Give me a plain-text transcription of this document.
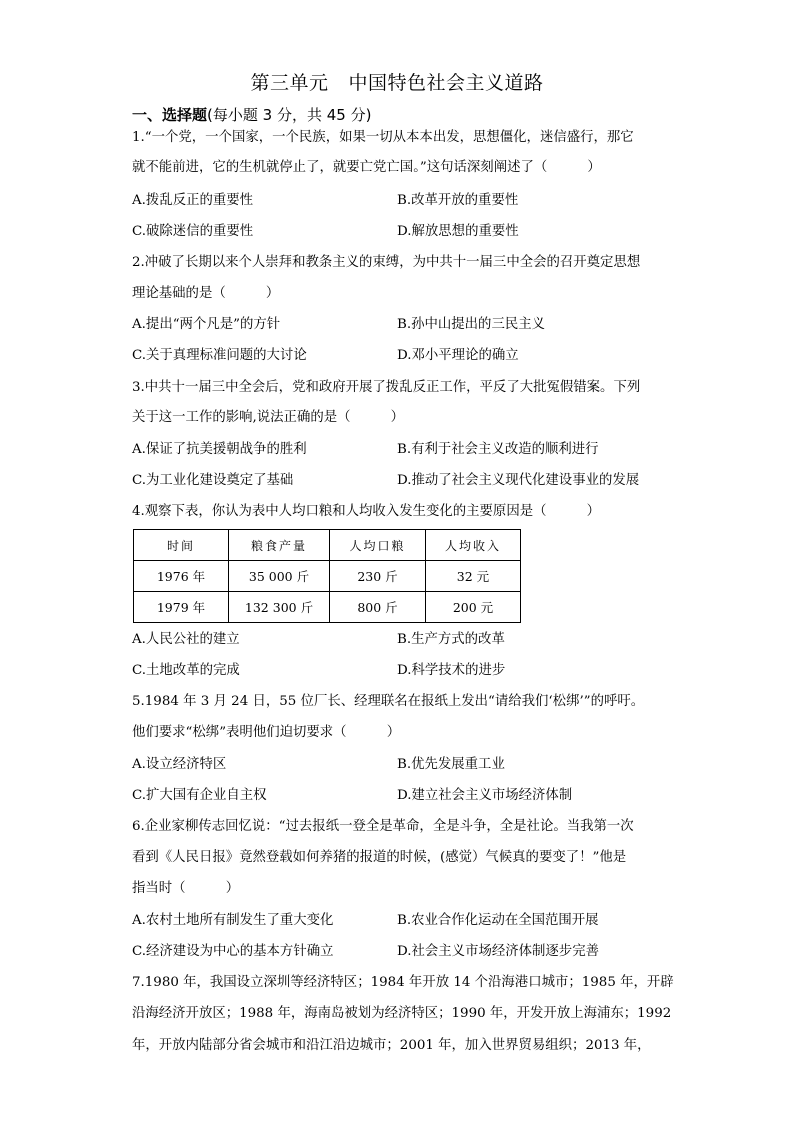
第三单元 中国特色社会主义道路
一、选择题(每小题 3 分，共 45 分)
1.“一个党，一个国家，一个民族，如果一切从本本出发，思想僵化，迷信盛行，那它
就不能前进，它的生机就停止了，就要亡党亡国。”这句话深刻阐述了（　　　）
A.拨乱反正的重要性	B.改革开放的重要性
C.破除迷信的重要性	D.解放思想的重要性
2.冲破了长期以来个人崇拜和教条主义的束缚，为中共十一届三中全会的召开奠定思想
理论基础的是（　　　）
A.提出“两个凡是”的方针	B.孙中山提出的三民主义
C.关于真理标准问题的大讨论	D.邓小平理论的确立
3.中共十一届三中全会后，党和政府开展了拨乱反正工作，平反了大批冤假错案。下列
关于这一工作的影响,说法正确的是（　　　）
A.保证了抗美援朝战争的胜利	B.有利于社会主义改造的顺利进行
C.为工业化建设奠定了基础	D.推动了社会主义现代化建设事业的发展
4.观察下表，你认为表中人均口粮和人均收入发生变化的主要原因是（　　　）
时间	粮食产量	人均口粮	人均收入
1976 年	35 000 斤	230 斤	32 元
1979 年	132 300 斤	800 斤	200 元
A.人民公社的建立	B.生产方式的改革
C.土地改革的完成	D.科学技术的进步
5.1984 年 3 月 24 日，55 位厂长、经理联名在报纸上发出“请给我们‘松绑’”的呼吁。
他们要求“松绑”表明他们迫切要求（　　　）
A.设立经济特区	B.优先发展重工业
C.扩大国有企业自主权	D.建立社会主义市场经济体制
6.企业家柳传志回忆说：“过去报纸一登全是革命，全是斗争，全是社论。当我第一次
看到《人民日报》竟然登载如何养猪的报道的时候，(感觉）气候真的要变了！”他是
指当时（　　　）
A.农村土地所有制发生了重大变化	B.农业合作化运动在全国范围开展
C.经济建设为中心的基本方针确立	D.社会主义市场经济体制逐步完善
7.1980 年，我国设立深圳等经济特区；1984 年开放 14 个沿海港口城市；1985 年，开辟
沿海经济开放区；1988 年，海南岛被划为经济特区；1990 年，开发开放上海浦东；1992
年，开放内陆部分省会城市和沿江沿边城市；2001 年，加入世界贸易组织；2013 年，
